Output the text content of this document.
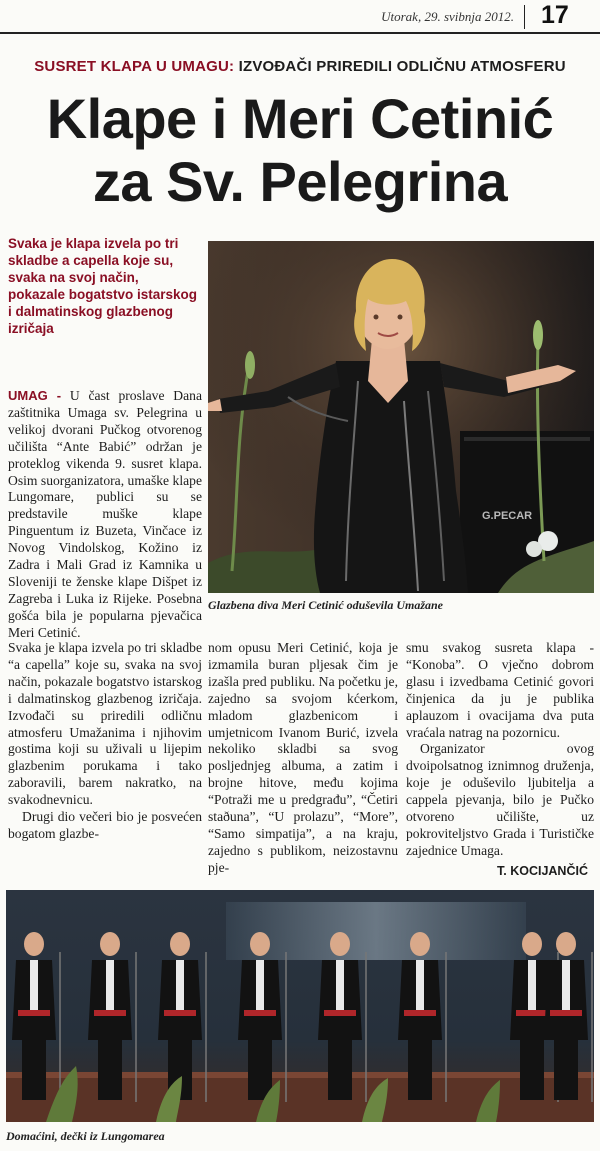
Utorak, 29. svibnja 2012. 17
SUSRET KLAPA U UMAGU: IZVOĐAČI PRIREDILI ODLIČNU ATMOSFERU
Klape i Meri Cetinić
za Sv. Pelegrina
Svaka je klapa izvela po tri skladbe a capella koje su, svaka na svoj način, pokazale bogatstvo istarskog i dalmatinskog glazbenog izričaja
G.PECAR
Glazbena diva Meri Cetinić oduševila Umažane

UMAG - U čast proslave Dana zaštitnika Umaga sv. Pelegrina u velikoj dvorani Pučkog otvorenog učilišta “Ante Babić” održan je proteklog vikenda 9. susret klapa. Osim suorganizatora, umaške klape Lungomare, publici su se predstavile muške klape Pinguentum iz Buzeta, Vinčace iz Novog Vindolskog, Kožino iz Zadra i Mali Grad iz Kamnika u Sloveniji te ženske klape Dišpet iz Zagreba i Luka iz Rijeke. Posebna gošća bila je popularna pjevačica Meri Cetinić.

Svaka je klapa izvela po tri skladbe “a capella” koje su, svaka na svoj način, pokazale bogatstvo istarskog i dalmatinskog glazbenog izričaja. Izvođači su priredili odličnu atmosferu Umažanima i njihovim gostima koji su uživali u lijepim glazbenim porukama i tako zaboravili, barem nakratko, na svakodnevnicu.

Drugi dio večeri bio je posvećen bogatom glazbe-

nom opusu Meri Cetinić, koja je izmamila buran pljesak čim je izašla pred publiku. Na početku je, zajedno sa svojom kćerkom, mladom glazbenicom i umjetnicom Ivanom Burić, izvela nekoliko skladbi sa svog posljednjeg albuma, a zatim i brojne hitove, među kojima “Potraži me u predgrađu”, “Četiri staðuna”, “U prolazu”, “More”, “Samo simpatija”, a na kraju, zajedno s publikom, neizostavnu pje-

smu svakog susreta klapa - “Konoba”. O vječno dobrom glasu i izvedbama Cetinić govori činjenica da ju je publika aplauzom i ovacijama dva puta vraćala natrag na pozornicu.

Organizator ovog dvoipolsatnog iznimnog druženja, koje je oduševilo ljubitelja a cappela pjevanja, bilo je Pučko otvoreno učilište, uz pokroviteljstvo Grada i Turističke zajednice Umaga.

T. KOCIJANČIĆ
Domaćini, dečki iz Lungomarea
